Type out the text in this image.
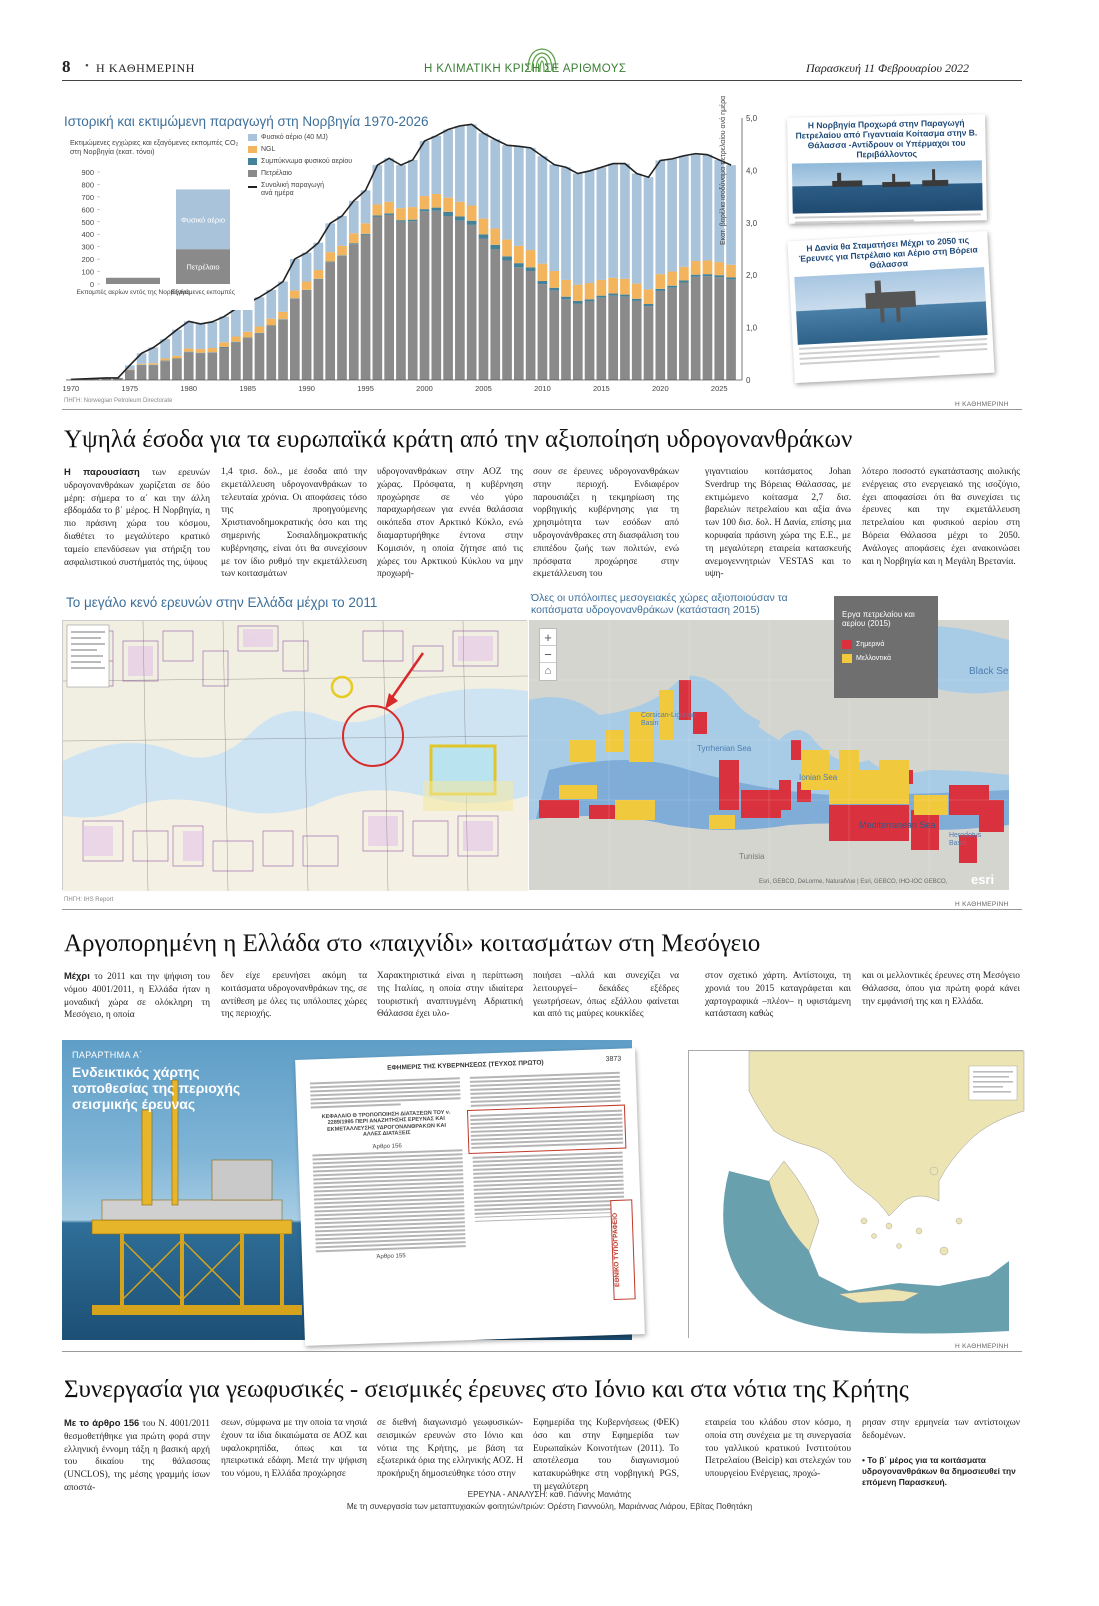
8 • Η ΚΑΘΗΜΕΡΙΝΗ	Η ΚΛΙΜΑΤΙΚΗ ΚΡΙΣΗ ΣΕ ΑΡΙΘΜΟΥΣ	Παρασκευή 11 Φεβρουαρίου 2022
Ιστορική και εκτιμώμενη παραγωγή στη Νορβηγία 1970-2026	5,0
4,0
3,0
2,0
1,0
0
1970	1975	1980	1985	1990	1995	2000	2005	2010	2015	2020	2025
ΠΗΓΗ: Norwegian Petroleum Directorate
Εκτιμώμενες εγχώριες και εξαγόμενες εκπομπές CO₂ στη Νορβηγία (εκατ. τόνοι)
900
800
700
600
500
400
300
200
100
0
Εκπομπές αερίων εντός της Νορβηγίας
Πετρέλαιο
Φυσικό αέριο
Εξαγόμενες εκπομπές
Φυσικό αέριο (40 MJ)
NGL
Συμπύκνωμα φυσικού αερίου
Πετρέλαιο
Συνολική παραγωγή ανά ημέρα	Εκατ. βαρέλια ισοδύναμα πετρελαίου ανά ημέρα	Η Νορβηγία Προχωρά στην Παραγωγή Πετρελαίου από Γιγαντιαία Κοίτασμα στην Β. Θάλασσα -Αντίδρουν οι Υπέρμαχοι του Περιβάλλοντος
Η Δανία θα Σταματήσει Μέχρι το 2050 τις Έρευνες για Πετρέλαιο και Αέριο στη Βόρεια Θάλασσα
Η ΚΑΘΗΜΕΡΙΝΗ
Υψηλά έσοδα για τα ευρωπαϊκά κράτη από την αξιοποίηση υδρογονανθράκων
Η παρουσίαση των ερευνών υδρογονανθράκων χωρίζεται σε δύο μέρη: σήμερα το α΄ και την άλλη εβδομάδα το β΄ μέρος. Η Νορβηγία, η πιο πράσινη χώρα του κόσμου, διαθέτει το μεγαλύτερο κρατικό ταμείο επενδύσεων για στήριξη του ασφαλιστικού συστήματός της, ύψους
1,4 τρισ. δολ., με έσοδα από την εκμετάλλευση υδρογονανθράκων το τελευταία χρόνια. Οι αποφάσεις τόσο της προηγούμενης Χριστιανοδημοκρατικής όσο και της σημερινής Σοσιαλδημοκρατικής κυβέρνησης, είναι ότι θα συνεχίσουν με τον ίδιο ρυθμό την εκμετάλλευση των κοιτασμάτων
υδρογονανθράκων στην ΑΟΖ της χώρας. Πρόσφατα, η κυβέρνηση προχώρησε σε νέο γύρο παραχωρήσεων για εννέα θαλάσσια οικόπεδα στον Αρκτικό Κύκλο, ενώ διαμαρτυρήθηκε έντονα στην Κομισιόν, η οποία ζήτησε από τις χώρες του Αρκτικού Κύκλου να μην προχωρή-
σουν σε έρευνες υδρογονανθράκων στην περιοχή. Ενδιαφέρον παρουσιάζει η τεκμηρίωση της νορβηγικής κυβέρνησης για τη χρησιμότητα των εσόδων από υδρογονάνθρακες στη διασφάλιση του επιπέδου ζωής των πολιτών, ενώ πρόσφατα προχώρησε στην εκμετάλλευση του
γιγαντιαίου κοιτάσματος Johan Sverdrup της Βόρειας Θάλασσας, με εκτιμώμενο κοίτασμα 2,7 δισ. βαρελιών πετρελαίου και αξία άνω των 100 δισ. δολ. Η Δανία, επίσης μια κορυφαία πράσινη χώρα της Ε.Ε., με τη μεγαλύτερη εταιρεία κατασκευής ανεμογεννητριών VESTAS και το υψη-
λότερο ποσοστό εγκατάστασης αιολικής ενέργειας στο ενεργειακό της ισοζύγιο, έχει αποφασίσει ότι θα συνεχίσει τις έρευνες και την εκμετάλλευση πετρελαίου και φυσικού αερίου στη Βόρεια Θάλασσα μέχρι το 2050. Ανάλογες αποφάσεις έχει ανακοινώσει και η Νορβηγία και η Μεγάλη Βρετανία.
Το μεγάλο κενό ερευνών στην Ελλάδα μέχρι το 2011
ΠΗΓΗ: IHS Report
Όλες οι υπόλοιπες μεσογειακές χώρες αξιοποιούσαν τα κοιτάσματα υδρογονανθράκων (κατάσταση 2015)
Black Se
Tyrrhenian Sea
Ionian Sea
Mediterranean Sea
Herodotus Basin
Corsican-Ligurian Basin
Tunisia
+
−
⌂
Εργα πετρελαίου και αερίου (2015)
Σημερινά
Μελλοντικά
Esri, GEBCO, DeLorme, NaturalVue | Esri, GEBCO, IHO-IOC GEBCO, esri
Η ΚΑΘΗΜΕΡΙΝΗ
Αργοπορημένη η Ελλάδα στο «παιχνίδι» κοιτασμάτων στη Μεσόγειο
Μέχρι το 2011 και την ψήφιση του νόμου 4001/2011, η Ελλάδα ήταν η μοναδική χώρα σε ολόκληρη τη Μεσόγειο, η οποία
δεν είχε ερευνήσει ακόμη τα κοιτάσματα υδρογονανθράκων της, σε αντίθεση με όλες τις υπόλοιπες χώρες της περιοχής.
Χαρακτηριστικά είναι η περίπτωση της Ιταλίας, η οποία στην ιδιαίτερα τουριστική αναπτυγμένη Αδριατική Θάλασσα έχει υλο-
ποιήσει –αλλά και συνεχίζει να λειτουργεί– δεκάδες εξέδρες γεωτρήσεων, όπως εξάλλου φαίνεται και από τις μαύρες κουκκίδες
στον σχετικό χάρτη. Αντίστοιχα, τη χρονιά του 2015 καταγράφεται και χαρτογραφικά –πλέον– η υφιστάμενη κατάσταση καθώς
και οι μελλοντικές έρευνες στη Μεσόγειο Θάλασσα, όπου για πρώτη φορά κάνει την εμφάνισή της και η Ελλάδα.
ΠΑΡΑΡΤΗΜΑ Α΄
Ενδεικτικός χάρτης τοποθεσίας της περιοχής σεισμικής έρευνας
ΕΦΗΜΕΡΙΣ ΤΗΣ ΚΥΒΕΡΝΗΣΕΩΣ (ΤΕΥΧΟΣ ΠΡΩΤΟ)	3873
ΚΕΦΑΛΑΙΟ Θ ΤΡΟΠΟΠΟΙΗΣΗ ΔΙΑΤΑΞΕΩΝ ΤΟΥ ν. 2289/1995 ΠΕΡΙ ΑΝΑΖΗΤΗΣΗΣ ΕΡΕΥΝΑΣ ΚΑΙ ΕΚΜΕΤΑΛΛΕΥΣΗΣ ΥΔΡΟΓΟΝΑΝΘΡΑΚΩΝ ΚΑΙ ΑΛΛΕΣ ΔΙΑΤΑΞΕΙΣ
Άρθρο 156
Άρθρο 155	ΕΘΝΙΚΟ ΤΥΠΟΓΡΑΦΕΙΟ
Η ΚΑΘΗΜΕΡΙΝΗ
Συνεργασία για γεωφυσικές - σεισμικές έρευνες στο Ιόνιο και στα νότια της Κρήτης
Με το άρθρο 156 του Ν. 4001/2011 θεσμοθετήθηκε για πρώτη φορά στην ελληνική έννομη τάξη η βασική αρχή του δικαίου της θάλασσας (UNCLOS), της μέσης γραμμής ίσων αποστά-
σεων, σύμφωνα με την οποία τα νησιά έχουν τα ίδια δικαιώματα σε ΑΟΖ και υφαλοκρηπίδα, όπως και τα ηπειρωτικά εδάφη. Μετά την ψήφιση του νόμου, η Ελλάδα προχώρησε
σε διεθνή διαγωνισμό γεωφυσικών-σεισμικών ερευνών στο Ιόνιο και νότια της Κρήτης, με βάση τα εξωτερικά όρια της ελληνικής ΑΟΖ. Η προκήρυξη δημοσιεύθηκε τόσο στην
Εφημερίδα της Κυβερνήσεως (ΦΕΚ) όσο και στην Εφημερίδα των Ευρωπαϊκών Κοινοτήτων (2011). Το αποτέλεσμα του διαγωνισμού κατακυρώθηκε στη νορβηγική PGS, τη μεγαλύτερη
εταιρεία του κλάδου στον κόσμο, η οποία στη συνέχεια με τη συνεργασία του γαλλικού κρατικού Ινστιτούτου Πετρελαίου (Beicip) και στελεχών του υπουργείου Ενέργειας, προχώ-
ρησαν στην ερμηνεία των αντίστοιχων δεδομένων.
• Το β΄ μέρος για τα κοιτάσματα υδρογονανθράκων θα δημοσιευθεί την επόμενη Παρασκευή.
ΕΡΕΥΝΑ - ΑΝΑΛΥΣΗ: καθ. Γιάννης Μανιάτης
Με τη συνεργασία των μεταπτυχιακών φοιτητών/τριών: Ορέστη Γιαννούλη, Μαριάννας Λιάρου, Εβίτας Ποθητάκη
